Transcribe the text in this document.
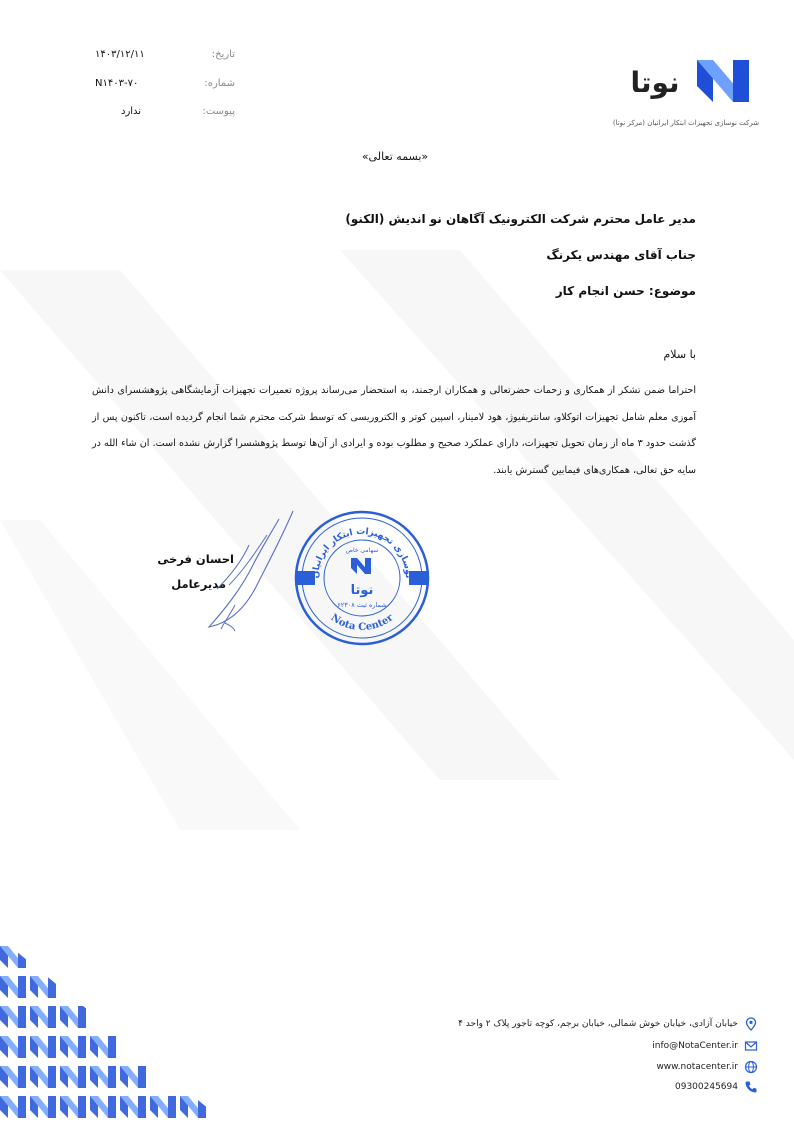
تاریخ:
۱۴۰۳/۱۲/۱۱
شماره:
N۱۴۰۳-۷۰
پیوست:
ندارد
نوتا
شرکت نوسازی تجهیزات ابتکار ایرانیان (مرکز نوتا)
«بسمه تعالی»
مدیر عامل محترم شرکت الکترونیک آگاهان نو اندیش (الکنو)
جناب آقای مهندس یکرنگ
موضوع: حسن انجام کار
با سلام
احتراما ضمن تشکر از همکاری و زحمات حضرتعالی و همکاران ارجمند، به استحضار می‌رساند پروژه تعمیرات تجهیزات آزمایشگاهی پژوهشسرای دانش آموزی معلم شامل تجهیزات اتوکلاو، سانتریفیوژ، هود لامینار، اسپین کوتر و الکتروریسی که توسط شرکت محترم شما انجام گردیده است، تاکنون پس از گذشت حدود ۳ ماه از زمان تحویل تجهیزات، دارای عملکرد صحیح و مطلوب بوده و ایرادی از آن‌ها توسط پژوهشسرا گزارش نشده است. ان شاء الله در سایه حق تعالی، همکاری‌های فیمابین گسترش یابند.
احسان فرخی
مدیرعامل
نوسازی تجهیزات ابتکار ایرانیان
Nota Center
سهامی خاص
نوتا
شماره ثبت ۶۲۳۰۸
خیابان آزادی، خیابان خوش شمالی، خیابان برجم، کوچه تاجور پلاک ۲ واحد ۴
info@NotaCenter.ir
www.notacenter.ir
09300245694
